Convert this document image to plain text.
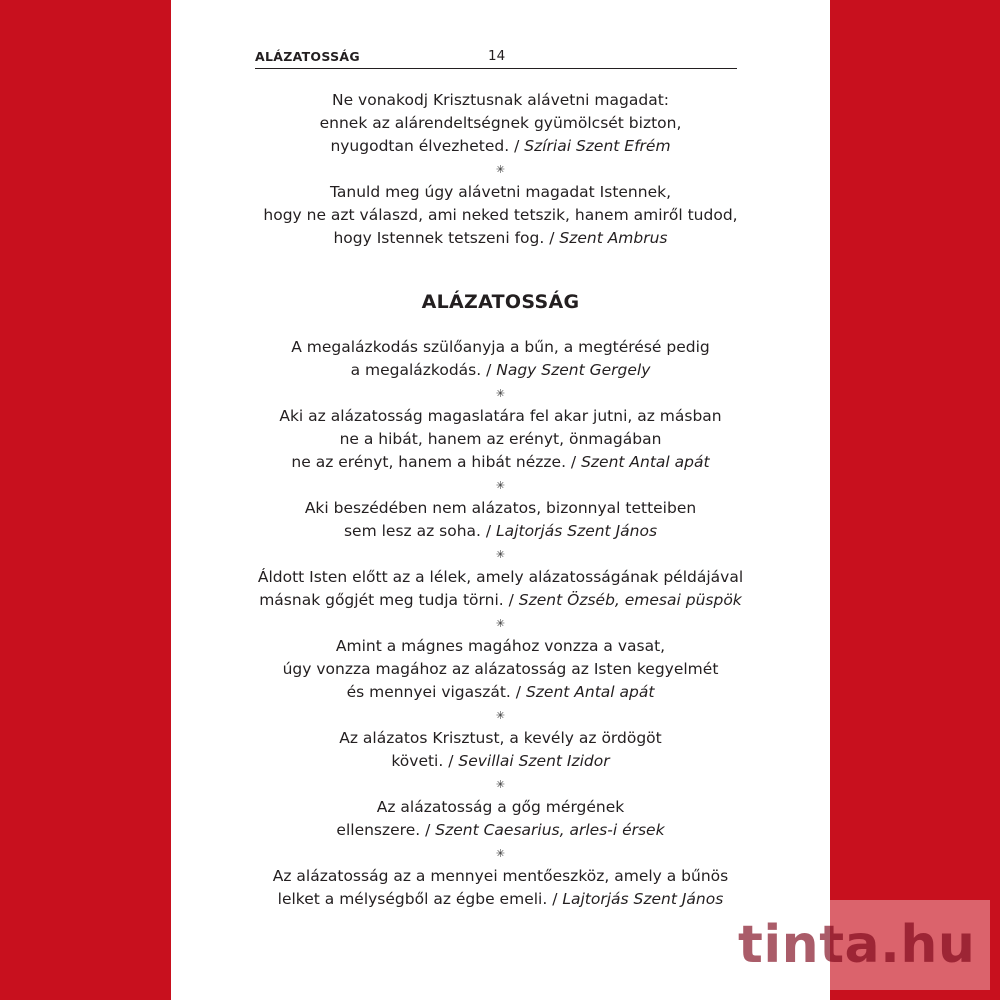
ALÁZATOSSÁG	14
Ne vonakodj Krisztusnak alávetni magadat:
ennek az alárendeltségnek gyümölcsét bizton,
nyugodtan élvezheted. / Szíriai Szent Efrém
✳
Tanuld meg úgy alávetni magadat Istennek,
hogy ne azt válaszd, ami neked tetszik, hanem amiről tudod,
hogy Istennek tetszeni fog. / Szent Ambrus
ALÁZATOSSÁG
A megalázkodás szülőanyja a bűn, a megtérésé pedig
a megalázkodás. / Nagy Szent Gergely
✳
Aki az alázatosság magaslatára fel akar jutni, az másban
ne a hibát, hanem az erényt, önmagában
ne az erényt, hanem a hibát nézze. / Szent Antal apát
✳
Aki beszédében nem alázatos, bizonnyal tetteiben
sem lesz az soha. / Lajtorjás Szent János
✳
Áldott Isten előtt az a lélek, amely alázatosságának példájával
másnak gőgjét meg tudja törni. / Szent Özséb, emesai püspök
✳
Amint a mágnes magához vonzza a vasat,
úgy vonzza magához az alázatosság az Isten kegyelmét
és mennyei vigaszát. / Szent Antal apát
✳
Az alázatos Krisztust, a kevély az ördögöt
követi. / Sevillai Szent Izidor
✳
Az alázatosság a gőg mérgének
ellenszere. / Szent Caesarius, arles-i érsek
✳
Az alázatosság az a mennyei mentőeszköz, amely a bűnös
lelket a mélységből az égbe emeli. / Lajtorjás Szent János
tinta.hu
